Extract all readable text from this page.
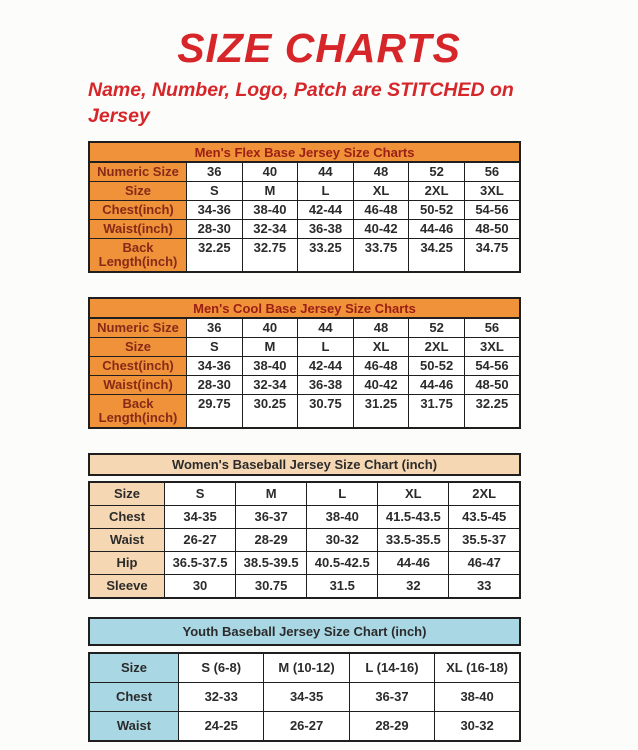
SIZE CHARTS
Name, Number, Logo, Patch are STITCHED on Jersey
Men's Flex Base Jersey Size Charts
Numeric Size	36	40	44	48	52	56
Size	S	M	L	XL	2XL	3XL
Chest(inch)	34-36	38-40	42-44	46-48	50-52	54-56
Waist(inch)	28-30	32-34	36-38	40-42	44-46	48-50
Back Length(inch)	32.25	32.75	33.25	33.75	34.25	34.75
Men's Cool Base Jersey Size Charts
Numeric Size	36	40	44	48	52	56
Size	S	M	L	XL	2XL	3XL
Chest(inch)	34-36	38-40	42-44	46-48	50-52	54-56
Waist(inch)	28-30	32-34	36-38	40-42	44-46	48-50
Back Length(inch)	29.75	30.25	30.75	31.25	31.75	32.25
Women's Baseball Jersey Size Chart (inch)
Size	S	M	L	XL	2XL
Chest	34-35	36-37	38-40	41.5-43.5	43.5-45
Waist	26-27	28-29	30-32	33.5-35.5	35.5-37
Hip	36.5-37.5	38.5-39.5	40.5-42.5	44-46	46-47
Sleeve	30	30.75	31.5	32	33
Youth Baseball Jersey Size Chart (inch)
Size	S (6-8)	M (10-12)	L (14-16)	XL (16-18)
Chest	32-33	34-35	36-37	38-40
Waist	24-25	26-27	28-29	30-32
